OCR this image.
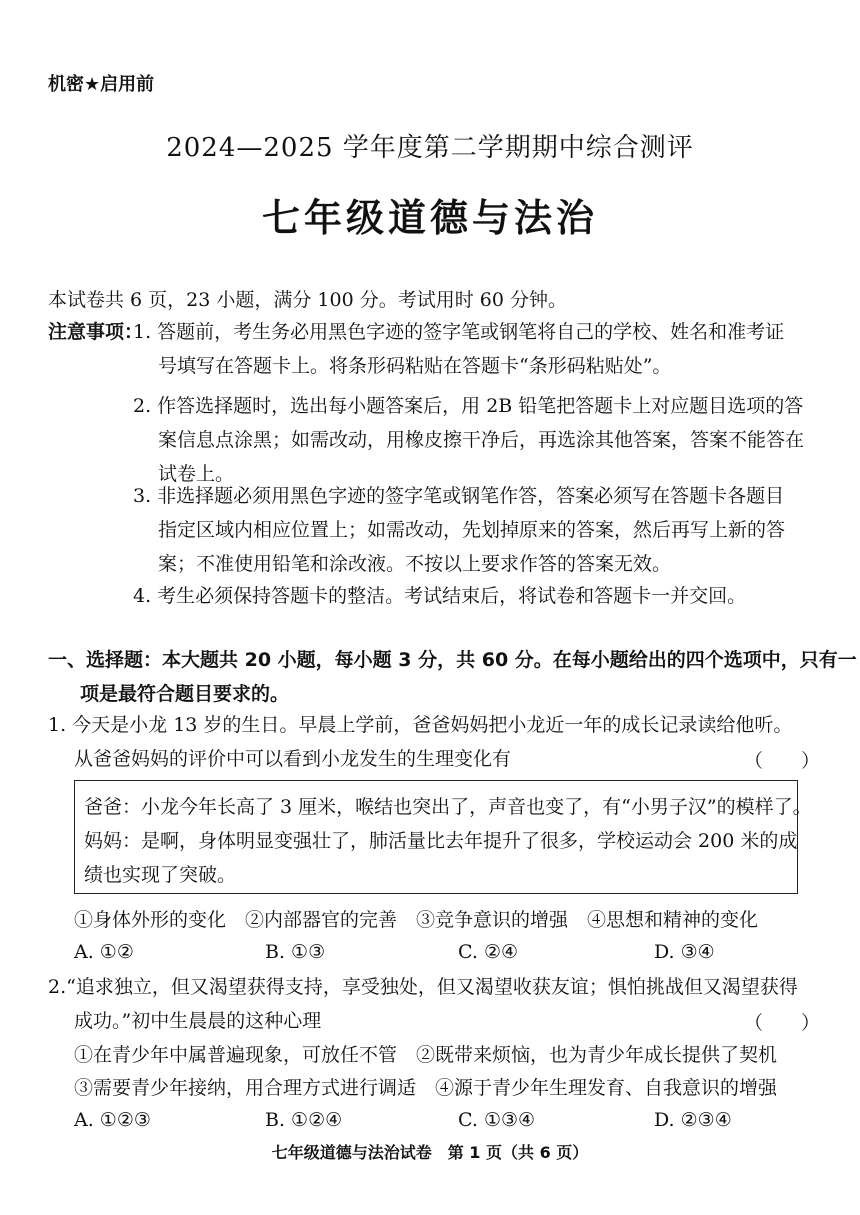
机密★启用前
2024—2025 学年度第二学期期中综合测评
七年级道德与法治
本试卷共 6 页，23 小题，满分 100 分。考试用时 60 分钟。
注意事项：
1. 答题前，考生务必用黑色字迹的签字笔或钢笔将自己的学校、姓名和准考证
号填写在答题卡上。将条形码粘贴在答题卡“条形码粘贴处”。
2. 作答选择题时，选出每小题答案后，用 2B 铅笔把答题卡上对应题目选项的答
案信息点涂黑；如需改动，用橡皮擦干净后，再选涂其他答案，答案不能答在
试卷上。
3. 非选择题必须用黑色字迹的签字笔或钢笔作答，答案必须写在答题卡各题目
指定区域内相应位置上；如需改动，先划掉原来的答案，然后再写上新的答
案；不准使用铅笔和涂改液。不按以上要求作答的答案无效。
4. 考生必须保持答题卡的整洁。考试结束后，将试卷和答题卡一并交回。
一、选择题：本大题共 20 小题，每小题 3 分，共 60 分。在每小题给出的四个选项中，只有一
项是最符合题目要求的。
1. 今天是小龙 13 岁的生日。早晨上学前，爸爸妈妈把小龙近一年的成长记录读给他听。
从爸爸妈妈的评价中可以看到小龙发生的生理变化有	（　　）
爸爸：小龙今年长高了 3 厘米，喉结也突出了，声音也变了，有“小男子汉”的模样了。
妈妈：是啊，身体明显变强壮了，肺活量比去年提升了很多，学校运动会 200 米的成
绩也实现了突破。
①身体外形的变化　②内部器官的完善　③竞争意识的增强　④思想和精神的变化
A. ①②	B. ①③	C. ②④	D. ③④
2.“追求独立，但又渴望获得支持，享受独处，但又渴望收获友谊；惧怕挑战但又渴望获得
成功。”初中生晨晨的这种心理	（　　）
①在青少年中属普遍现象，可放任不管　②既带来烦恼，也为青少年成长提供了契机
③需要青少年接纳，用合理方式进行调适　④源于青少年生理发育、自我意识的增强
A. ①②③	B. ①②④	C. ①③④	D. ②③④
七年级道德与法治试卷　第 1 页（共 6 页）
